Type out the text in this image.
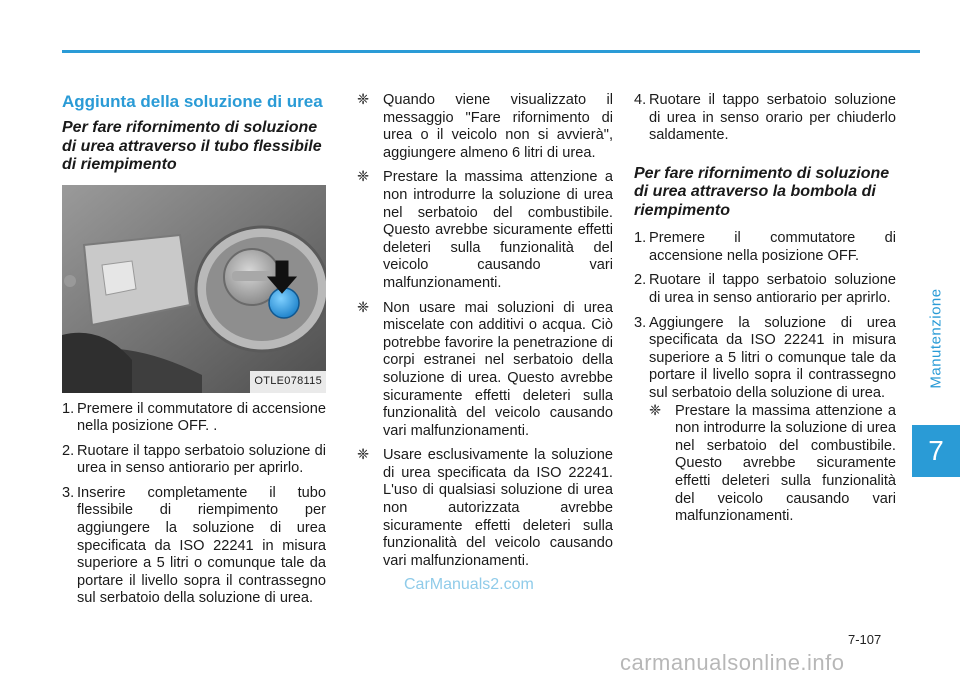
Manutenzione
7
Aggiunta della soluzione di urea
Per fare rifornimento di soluzione di urea attraverso il tubo flessibile di riempimento
OTLE078115
1. Premere il commutatore di accensione nella posizione OFF. .
2. Ruotare il tappo serbatoio soluzione di urea in senso antiorario per aprirlo.
3. Inserire completamente il tubo flessibile di riempimento per aggiungere la soluzione di urea specificata da ISO 22241 in misura superiore a 5 litri o comunque tale da portare il livello sopra il contrassegno sul serbatoio della soluzione di urea.
❈ Quando viene visualizzato il messaggio "Fare rifornimento di urea o il veicolo non si avvierà", aggiungere almeno 6 litri di urea.
❈ Prestare la massima attenzione a non introdurre la soluzione di urea nel serbatoio del combustibile. Questo avrebbe sicuramente effetti deleteri sulla funzionalità del veicolo causando vari malfunzionamenti.
❈ Non usare mai soluzioni di urea miscelate con additivi o acqua. Ciò potrebbe favorire la penetrazione di corpi estranei nel serbatoio della soluzione di urea. Questo avrebbe sicuramente effetti deleteri sulla funzionalità del veicolo causando vari malfunzionamenti.
❈ Usare esclusivamente la soluzione di urea specificata da ISO 22241. L'uso di qualsiasi soluzione di urea non autorizzata avrebbe sicuramente effetti deleteri sulla funzionalità del veicolo causando vari malfunzionamenti.
4. Ruotare il tappo serbatoio soluzione di urea in senso orario per chiuderlo saldamente.
Per fare rifornimento di soluzione di urea attraverso la bombola di riempimento
1. Premere il commutatore di accensione nella posizione OFF.
2. Ruotare il tappo serbatoio soluzione di urea in senso antiorario per aprirlo.
3. Aggiungere la soluzione di urea specificata da ISO 22241 in misura superiore a 5 litri o comunque tale da portare il livello sopra il contrassegno sul serbatoio della soluzione di urea.
❈ Prestare la massima attenzione a non introdurre la soluzione di urea nel serbatoio del combustibile. Questo avrebbe sicuramente effetti deleteri sulla funzionalità del veicolo causando vari malfunzionamenti.
7-107
CarManuals2.com
carmanualsonline.info
